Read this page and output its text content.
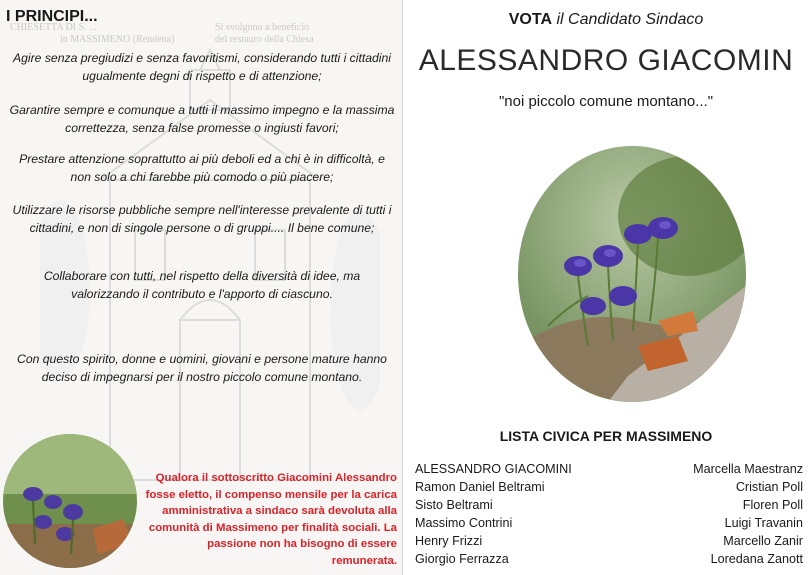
CHIESETTA DI S. ...
in MASSIMENO (Rendena)
Si svolgono a beneficio
del restauro della Chiesa
I PRINCIPI...
Agire senza pregiudizi e senza favoritismi, considerando tutti i cittadini ugualmente degni di rispetto e di attenzione;
Garantire sempre e comunque a tutti il massimo impegno e la massima correttezza, senza false promesse o ingiusti favori;
Prestare attenzione soprattutto ai più deboli ed a chi è in difficoltà, e non solo a chi farebbe più comodo o più piacere;
Utilizzare le risorse pubbliche sempre nell'interesse prevalente di tutti i cittadini, e non di singole persone o di gruppi.... Il bene comune;
Collaborare con tutti, nel rispetto della diversità di idee, ma valorizzando il contributo e l'apporto di ciascuno.
Con questo spirito, donne e uomini, giovani e persone mature hanno deciso di impegnarsi per il nostro piccolo comune montano.
Qualora il sottoscritto Giacomini Alessandro fosse eletto, il compenso mensile per la carica amministrativa a sindaco sarà devoluta alla comunità di Massimeno per finalità sociali. La passione non ha bisogno di essere remunerata.
VOTA il Candidato Sindaco
ALESSANDRO GIACOMIN
"noi piccolo comune montano..."
LISTA CIVICA PER MASSIMENO
ALESSANDRO GIACOMINI
Ramon Daniel Beltrami
Sisto Beltrami
Massimo Contrini
Henry Frizzi
Giorgio Ferrazza
Marcella Maestranz
Cristian Poll
Floren Poll
Luigi Travanin
Marcello Zanir
Loredana Zanott
